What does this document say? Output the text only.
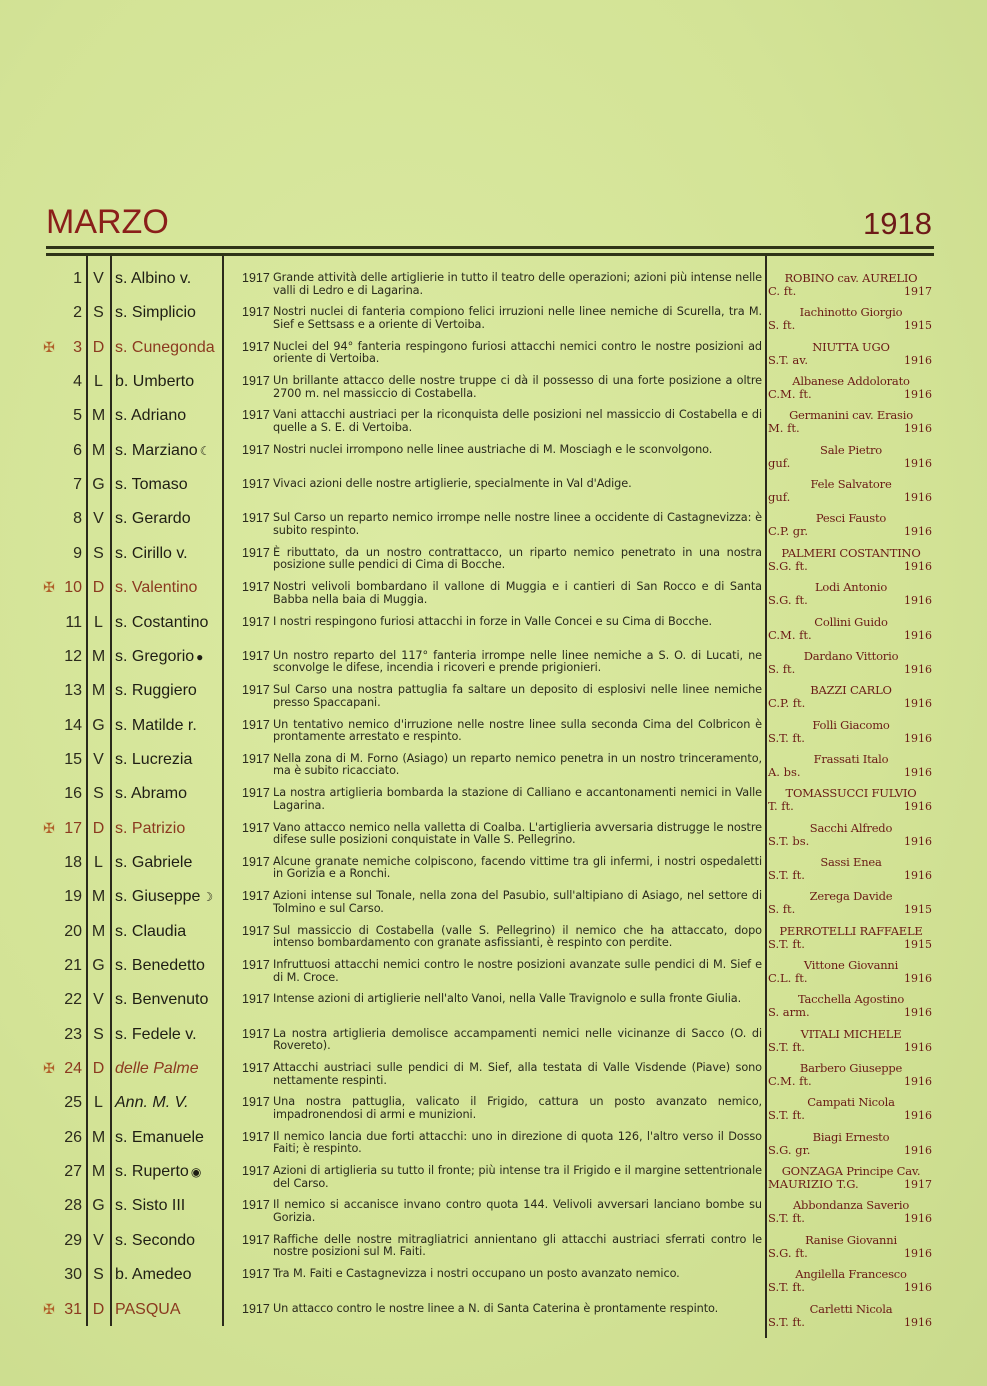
MARZO	1918
1 V s. Albino v.	1917 Grande attività delle artiglierie in tutto il teatro delle operazioni; azioni più intense nelle valli di Ledro e di Lagarina.
ROBINO cav. AURELIO
C. ft.	1917
2 S s. Simplicio	1917 Nostri nuclei di fanteria compiono felici irruzioni nelle linee nemiche di Scurella, tra M. Sief e Settsass e a oriente di Vertoiba.
Iachinotto Giorgio
S. ft.	1915
✠	3 D s. Cunegonda 1917 Nuclei del 94° fanteria respingono furiosi attacchi nemici contro le nostre posizioni ad oriente di Vertoiba.
NIUTTA UGO
S.T. av.	1916
4 L b. Umberto	1917 Un brillante attacco delle nostre truppe ci dà il possesso di una forte posizione a oltre 2700 m. nel massiccio di Costabella.
Albanese Addolorato
C.M. ft.	1916
5 M s. Adriano	1917 Vani attacchi austriaci per la riconquista delle posizioni nel massiccio di Costabella e di quelle a S. E. di Vertoiba.
Germanini cav. Erasio
M. ft.	1916
6 M s. Marziano ☾	1917 Nostri nuclei irrompono nelle linee austriache di M. Mosciagh e le sconvolgono.	Sale Pietro
guf.	1916
7 G s. Tomaso	1917 Vivaci azioni delle nostre artiglierie, specialmente in Val d'Adige.	Fele Salvatore
guf.	1916
8 V s. Gerardo	1917 Sul Carso un reparto nemico irrompe nelle nostre linee a occidente di Castagnevizza: è subito respinto.
Pesci Fausto
C.P. gr.	1916
9 S s. Cirillo v.	1917 È ributtato, da un nostro contrattacco, un riparto nemico penetrato in una nostra posizione sulle pendici di Cima di Bocche.
PALMERI COSTANTINO
S.G. ft.	1916
✠ 10 D s. Valentino	1917 Nostri velivoli bombardano il vallone di Muggia e i cantieri di San Rocco e di Santa Babba nella baia di Muggia.
Lodi Antonio
S.G. ft.	1916
11 L s. Costantino	1917 I nostri respingono furiosi attacchi in forze in Valle Concei e su Cima di Bocche.	Collini Guido
C.M. ft.	1916
12 M s. Gregorio ●	1917 Un nostro reparto del 117° fanteria irrompe nelle linee nemiche a S. O. di Lucati, ne sconvolge le difese, incendia i ricoveri e prende prigionieri.
Dardano Vittorio
S. ft.	1916
13 M s. Ruggiero	1917 Sul Carso una nostra pattuglia fa saltare un deposito di esplosivi nelle linee nemiche presso Spaccapani.
BAZZI CARLO
C.P. ft.	1916
14 G s. Matilde r.	1917 Un tentativo nemico d'irruzione nelle nostre linee sulla seconda Cima del Colbricon è prontamente arrestato e respinto.
Folli Giacomo
S.T. ft.	1916
15 V s. Lucrezia	1917 Nella zona di M. Forno (Asiago) un reparto nemico penetra in un nostro trinceramento, ma è subito ricacciato.
Frassati Italo
A. bs.	1916
16 S s. Abramo	1917 La nostra artiglieria bombarda la stazione di Calliano e accantonamenti nemici in Valle Lagarina.
TOMASSUCCI FULVIO
T. ft.	1916
✠ 17 D s. Patrizio	1917 Vano attacco nemico nella valletta di Coalba. L'artiglieria avversaria distrugge le nostre difese sulle posizioni conquistate in Valle S. Pellegrino.
Sacchi Alfredo
S.T. bs.	1916
18 L s. Gabriele	1917 Alcune granate nemiche colpiscono, facendo vittime tra gli infermi, i nostri ospedaletti in Gorizia e a Ronchi.
Sassi Enea
S.T. ft.	1916
19 M s. Giuseppe ☽ 1917 Azioni intense sul Tonale, nella zona del Pasubio, sull'altipiano di Asiago, nel settore di Tolmino e sul Carso.
Zerega Davide
S. ft.	1915
20 M s. Claudia	1917 Sul massiccio di Costabella (valle S. Pellegrino) il nemico che ha attaccato, dopo intenso bombardamento con granate asfissianti, è respinto con perdite.
PERROTELLI RAFFAELE
S.T. ft.	1915
21 G s. Benedetto	1917 Infruttuosi attacchi nemici contro le nostre posizioni avanzate sulle pendici di M. Sief e di M. Croce.
Vittone Giovanni
C.L. ft.	1916
22 V s. Benvenuto	1917 Intense azioni di artiglierie nell'alto Vanoi, nella Valle Travignolo e sulla fronte Giulia.	Tacchella Agostino
S. arm.	1916
23 S s. Fedele v.	1917 La nostra artiglieria demolisce accampamenti nemici nelle vicinanze di Sacco (O. di Rovereto).
VITALI MICHELE
S.T. ft.	1916
✠ 24 D delle Palme	1917 Attacchi austriaci sulle pendici di M. Sief, alla testata di Valle Visdende (Piave) sono nettamente respinti.
Barbero Giuseppe
C.M. ft.	1916
25 L Ann. M. V.	1917 Una nostra pattuglia, valicato il Frigido, cattura un posto avanzato nemico, impadronendosi di armi e munizioni.
Campati Nicola
S.T. ft.	1916
26 M s. Emanuele	1917 Il nemico lancia due forti attacchi: uno in direzione di quota 126, l'altro verso il Dosso Faiti; è respinto.
Biagi Ernesto
S.G. gr.	1916
27 M s. Ruperto ◉	1917 Azioni di artiglieria su tutto il fronte; più intense tra il Frigido e il margine settentrionale del Carso.
GONZAGA Principe Cav.
MAURIZIO T.G.	1917
28 G s. Sisto III	1917 Il nemico si accanisce invano contro quota 144. Velivoli avversari lanciano bombe su Gorizia.
Abbondanza Saverio
S.T. ft.	1916
29 V s. Secondo	1917 Raffiche delle nostre mitragliatrici annientano gli attacchi austriaci sferrati contro le nostre posizioni sul M. Faiti.
Ranise Giovanni
S.G. ft.	1916
30 S b. Amedeo	1917 Tra M. Faiti e Castagnevizza i nostri occupano un posto avanzato nemico.	Angilella Francesco
S.T. ft.	1916
✠ 31 D PASQUA	1917 Un attacco contro le nostre linee a N. di Santa Caterina è prontamente respinto.	Carletti Nicola
S.T. ft.	1916
